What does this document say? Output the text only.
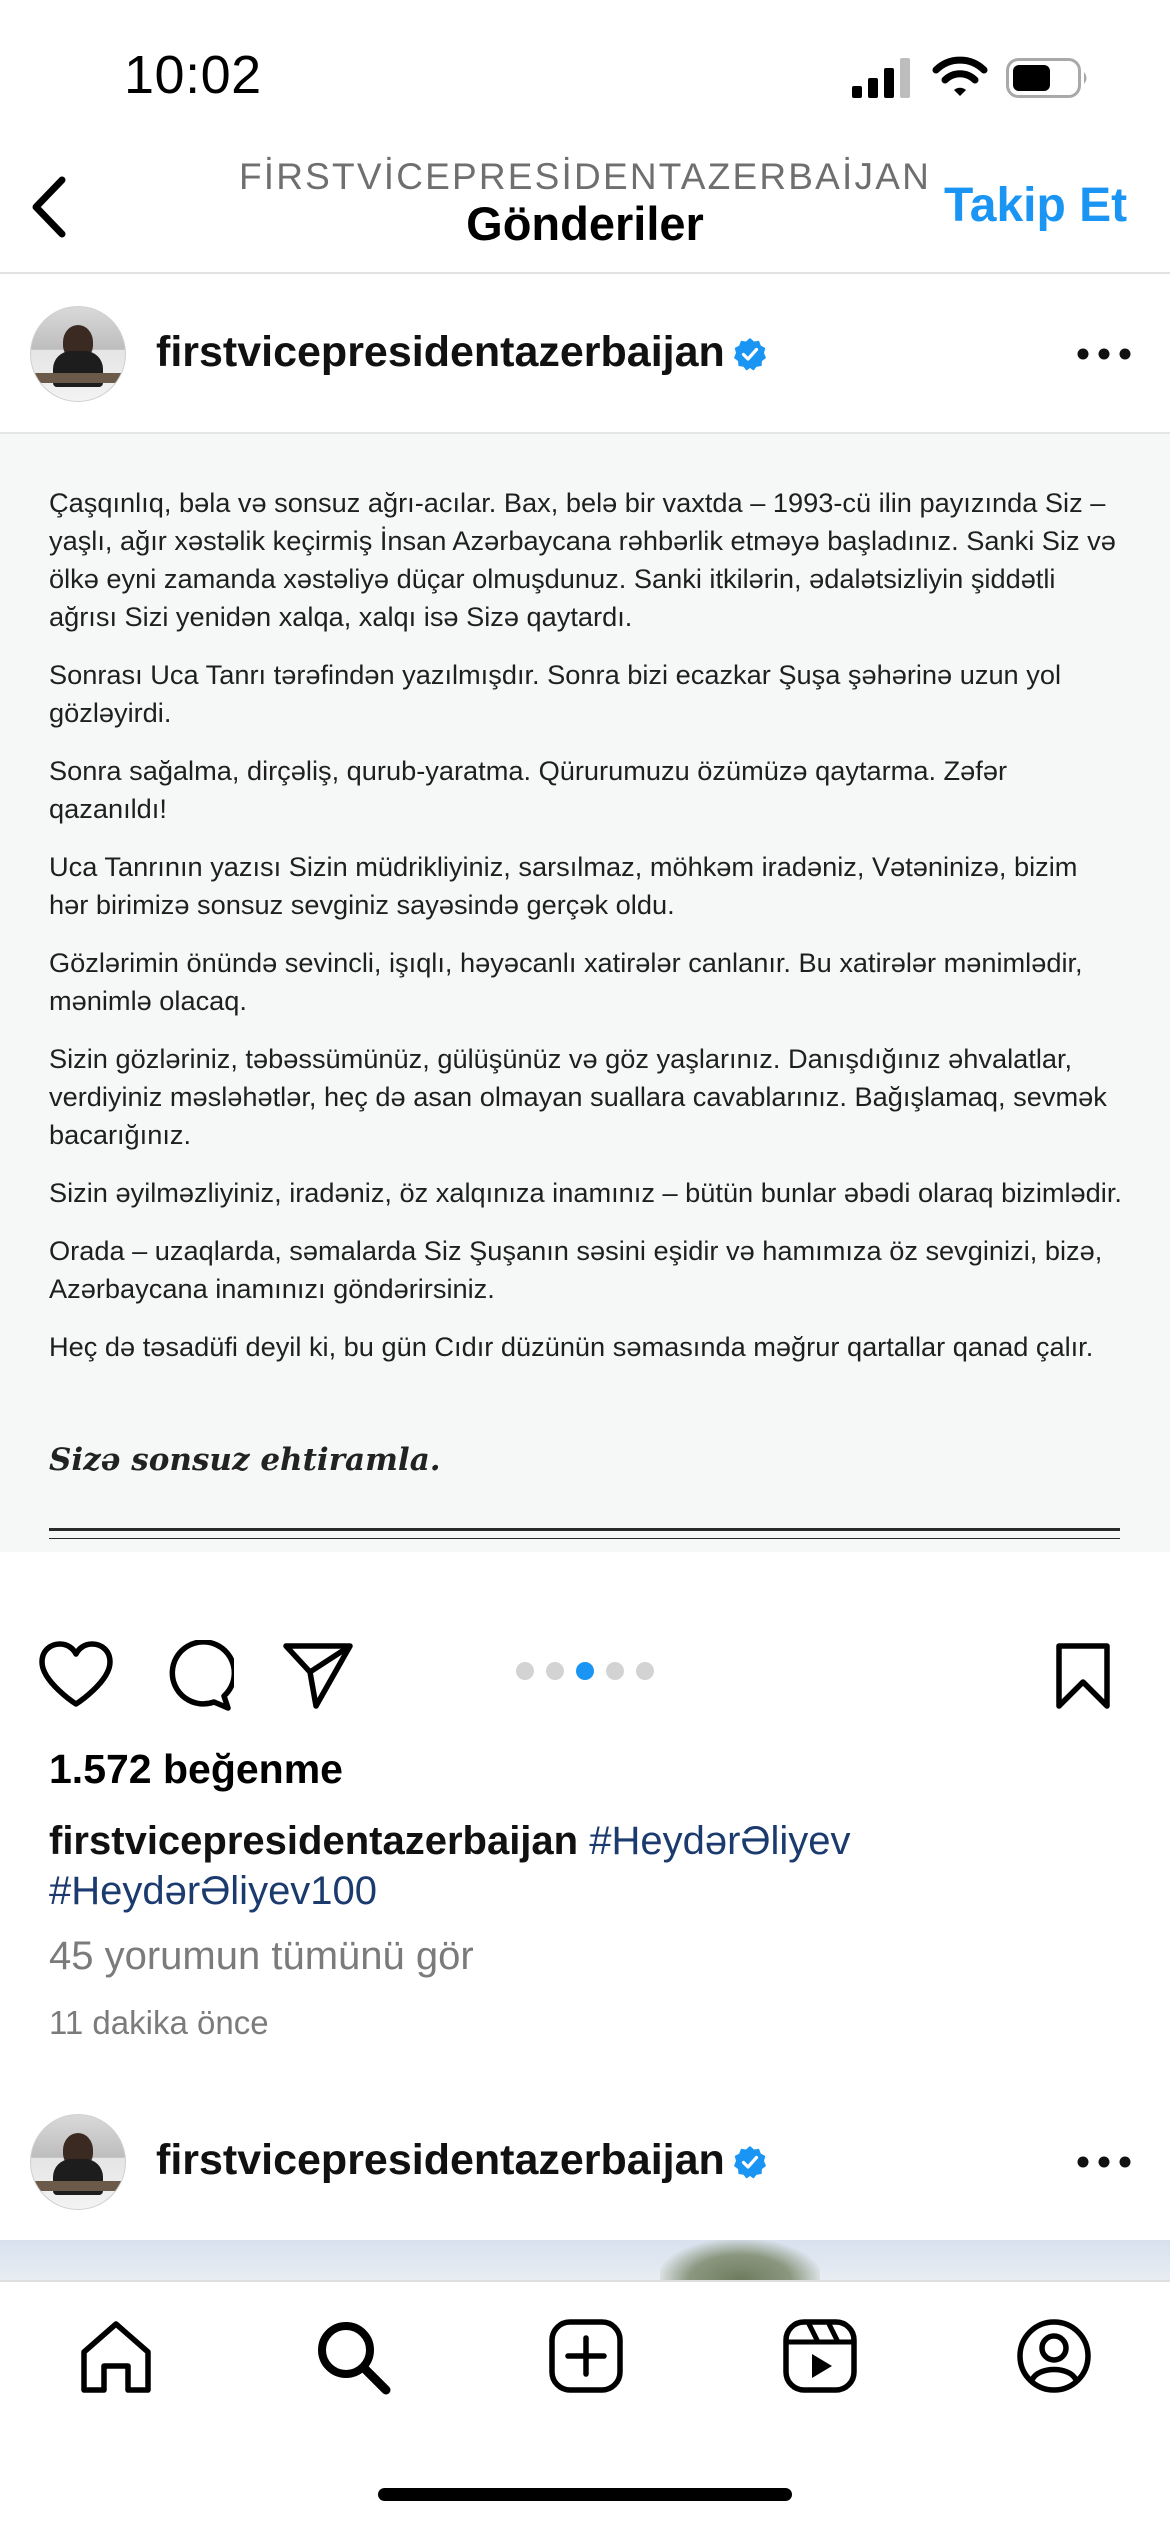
10:02
FİRSTVİCEPRESİDENTAZERBAİJAN
Gönderiler	Takip Et
firstvicepresidentazerbaijan

Çaşqınlıq, bəla və sonsuz ağrı-acılar. Bax, belə bir vaxtda – 1993-cü ilin payızında Siz – yaşlı, ağır xəstəlik keçirmiş İnsan Azərbaycana rəhbərlik etməyə başladınız. Sanki Siz və ölkə eyni zamanda xəstəliyə düçar olmuşdunuz. Sanki itkilərin, ədalətsizliyin şiddətli ağrısı Sizi yenidən xalqa, xalqı isə Sizə qaytardı.

Sonrası Uca Tanrı tərəfindən yazılmışdır. Sonra bizi ecazkar Şuşa şəhərinə uzun yol gözləyirdi.

Sonra sağalma, dirçəliş, qurub-yaratma. Qürurumuzu özümüzə qaytarma. Zəfər qazanıldı!

Uca Tanrının yazısı Sizin müdrikliyiniz, sarsılmaz, möhkəm iradəniz, Vətəninizə, bizim hər birimizə sonsuz sevginiz sayəsində gerçək oldu.

Gözlərimin önündə sevincli, işıqlı, həyəcanlı xatirələr canlanır. Bu xatirələr mənimlədir, mənimlə olacaq.

Sizin gözləriniz, təbəssümünüz, gülüşünüz və göz yaşlarınız. Danışdığınız əhvalatlar, verdiyiniz məsləhətlər, heç də asan olmayan suallara cavablarınız. Bağışlamaq, sevmək bacarığınız.

Sizin əyilməzliyiniz, iradəniz, öz xalqınıza inamınız – bütün bunlar əbədi olaraq bizimlədir.

Orada – uzaqlarda, səmalarda Siz Şuşanın səsini eşidir və hamımıza öz sevginizi, bizə, Azərbaycana inamınızı göndərirsiniz.

Heç də təsadüfi deyil ki, bu gün Cıdır düzünün səmasında məğrur qartallar qanad çalır.

Sizə sonsuz ehtiramla.
1.572 beğenme
firstvicepresidentazerbaijan #HeydərƏliyev
#HeydərƏliyev100
45 yorumun tümünü gör
11 dakika önce
firstvicepresidentazerbaijan
